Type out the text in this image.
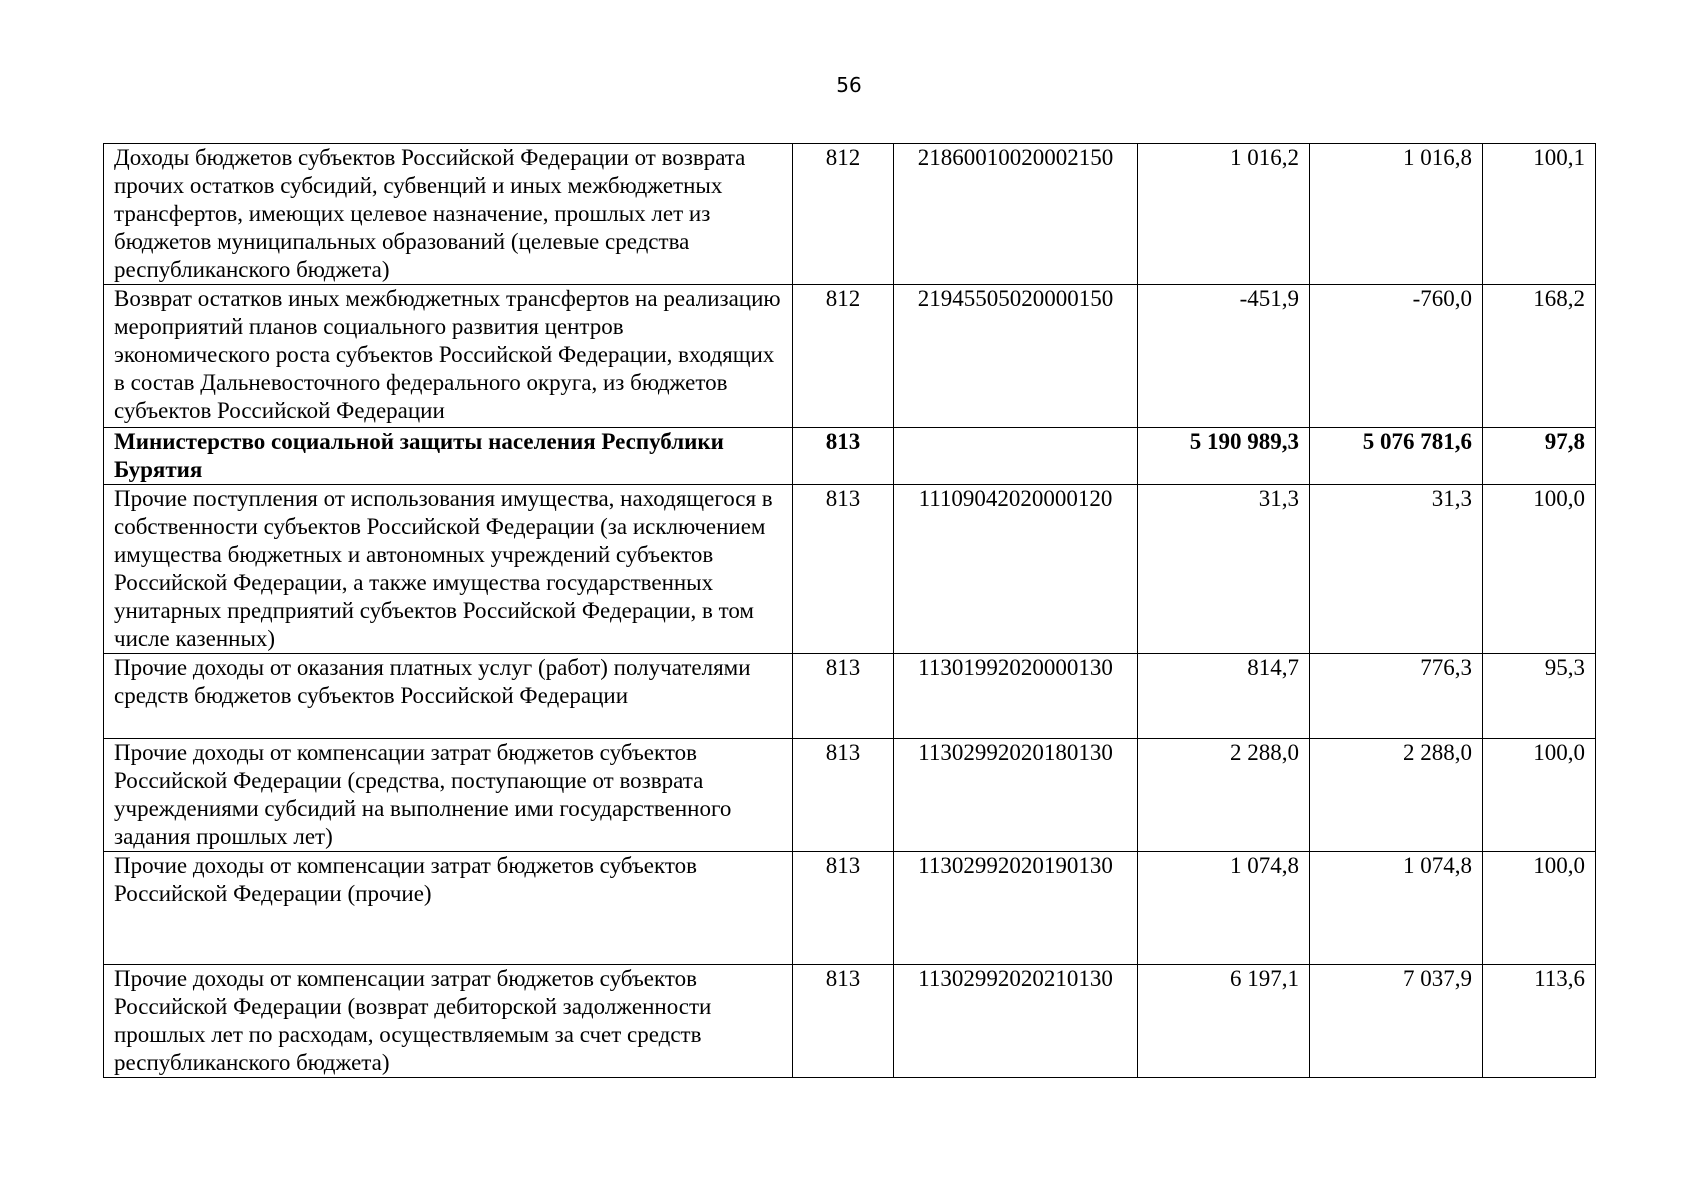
56
Доходы бюджетов субъектов Российской Федерации от возврата прочих остатков субсидий, субвенций и иных межбюджетных трансфертов, имеющих целевое назначение, прошлых лет из бюджетов муниципальных образований (целевые средства республиканского бюджета)	812	21860010020002150	1 016,2	1 016,8	100,1
Возврат остатков иных межбюджетных трансфертов на реализацию мероприятий планов социального развития центров экономического роста субъектов Российской Федерации, входящих в состав Дальневосточного федерального округа, из бюджетов субъектов Российской Федерации	812	21945505020000150	-451,9	-760,0	168,2
Министерство социальной защиты населения Республики Бурятия	813		5 190 989,3	5 076 781,6	97,8
Прочие поступления от использования имущества, находящегося в собственности субъектов Российской Федерации (за исключением имущества бюджетных и автономных учреждений субъектов Российской Федерации, а также имущества государственных унитарных предприятий субъектов Российской Федерации, в том числе казенных)	813	11109042020000120	31,3	31,3	100,0
Прочие доходы от оказания платных услуг (работ) получателями средств бюджетов субъектов Российской Федерации	813	11301992020000130	814,7	776,3	95,3
Прочие доходы от компенсации затрат бюджетов субъектов Российской Федерации (средства, поступающие от возврата учреждениями субсидий на выполнение ими государственного задания прошлых лет)	813	11302992020180130	2 288,0	2 288,0	100,0
Прочие доходы от компенсации затрат бюджетов субъектов Российской Федерации (прочие)	813	11302992020190130	1 074,8	1 074,8	100,0
Прочие доходы от компенсации затрат бюджетов субъектов Российской Федерации (возврат дебиторской задолженности прошлых лет по расходам, осуществляемым за счет средств республиканского бюджета)	813	11302992020210130	6 197,1	7 037,9	113,6
